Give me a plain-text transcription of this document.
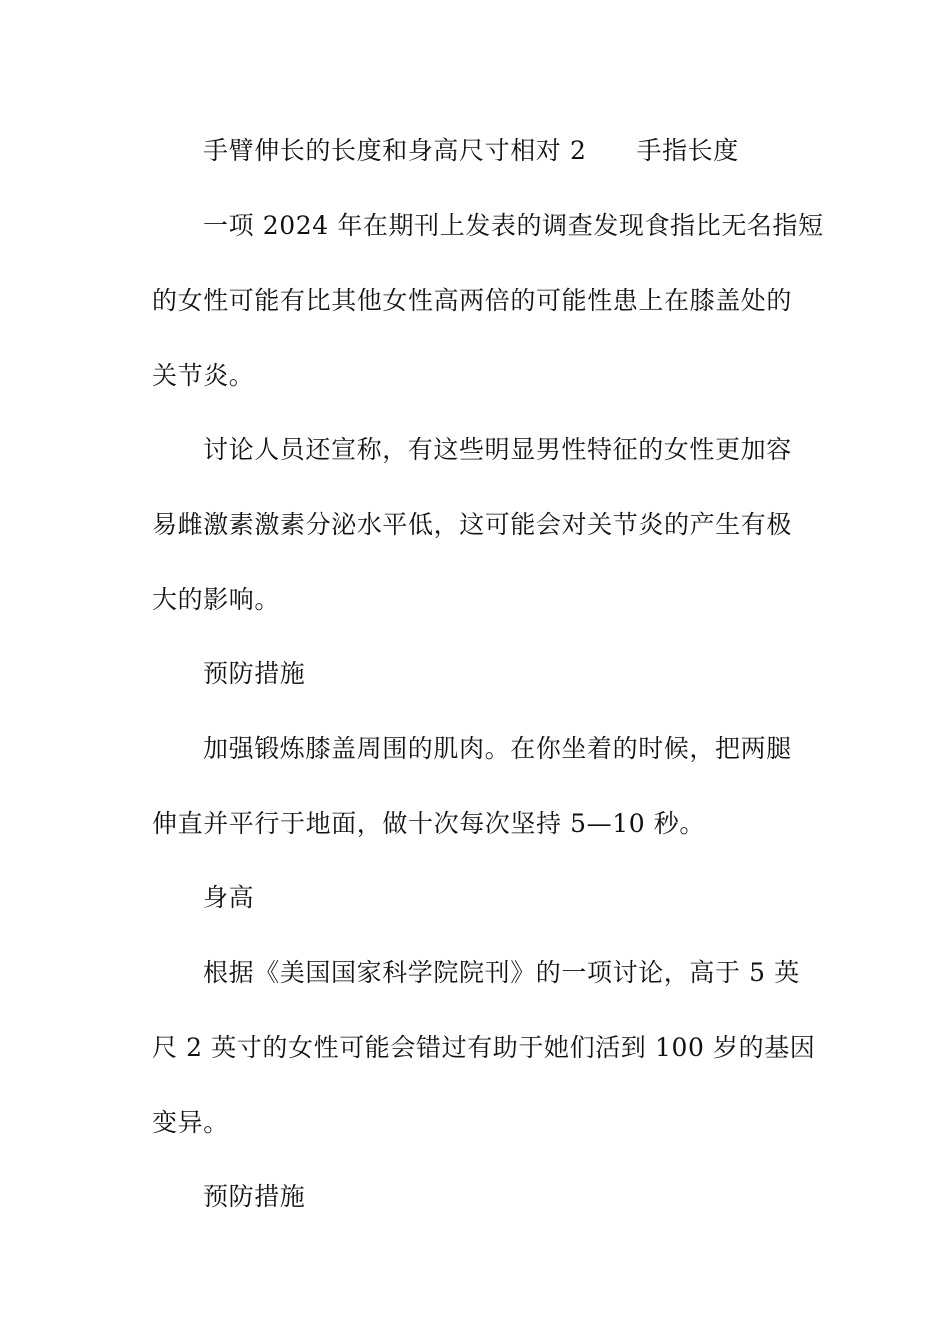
手臂伸长的长度和身高尺寸相对 2 手指长度
一项 2024 年在期刊上发表的调查发现食指比无名指短
的女性可能有比其他女性高两倍的可能性患上在膝盖处的
关节炎。
讨论人员还宣称，有这些明显男性特征的女性更加容
易雌激素激素分泌水平低，这可能会对关节炎的产生有极
大的影响。
预防措施
加强锻炼膝盖周围的肌肉。在你坐着的时候，把两腿
伸直并平行于地面，做十次每次坚持 5—10 秒。
身高
根据《美国国家科学院院刊》的一项讨论，高于 5 英
尺 2 英寸的女性可能会错过有助于她们活到 100 岁的基因
变异。
预防措施
